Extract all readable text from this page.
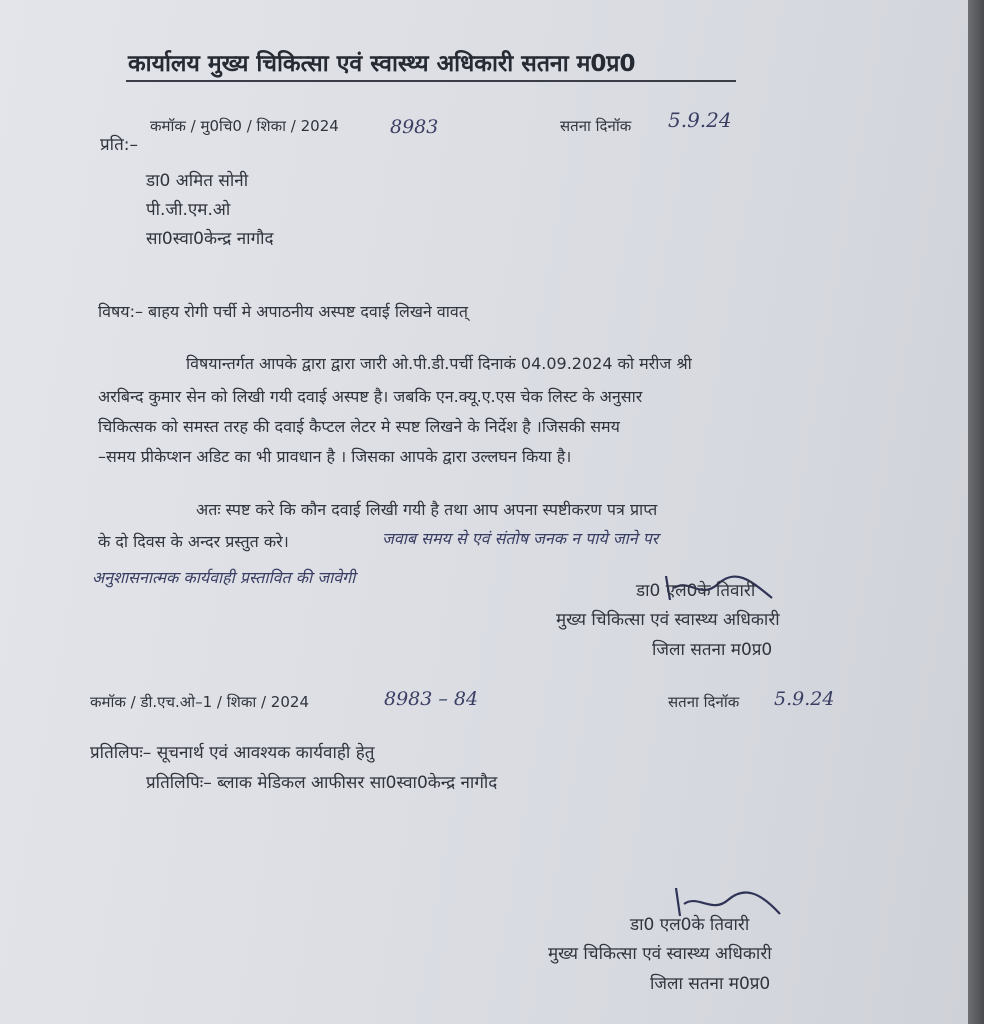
कार्यालय मुख्य चिकित्सा एवं स्वास्थ्य अधिकारी सतना म0प्र0
कमॉक / मु0चि0 / शिका / 2024	8983	सतना दिनॉक 5.9.24
प्रति:–
डा0 अमित सोनी
पी.जी.एम.ओ
सा0स्वा0केन्द्र नागौद
विषय:– बाहय रोगी पर्ची मे अपाठनीय अस्पष्ट दवाई लिखने वावत्
विषयान्तर्गत आपके द्वारा द्वारा जारी ओ.पी.डी.पर्ची दिनाकं 04.09.2024 को मरीज श्री
अरबिन्द कुमार सेन को लिखी गयी दवाई अस्पष्ट है। जबकि एन.क्यू.ए.एस चेक लिस्ट के अनुसार
चिकित्सक को समस्त तरह की दवाई कैप्टल लेटर मे स्पष्ट लिखने के निर्देश है ।जिसकी समय
–समय प्रीकेप्शन अडिट का भी प्रावधान है । जिसका आपके द्वारा उल्लघन किया है।
अतः स्पष्ट करे कि कौन दवाई लिखी गयी है तथा आप अपना स्पष्टीकरण पत्र प्राप्त
के दो दिवस के अन्दर प्रस्तुत करे।	जवाब समय से एवं संतोष जनक न पाये जाने पर
अनुशासनात्मक कार्यवाही प्रस्तावित की जावेगी
डा0 एल0के तिवारी
मुख्य चिकित्सा एवं स्वास्थ्य अधिकारी
जिला सतना म0प्र0
कमॉक / डी.एच.ओ–1 / शिका / 2024	8983 – 84	सतना दिनॉक 5.9.24
प्रतिलिपः– सूचनार्थ एवं आवश्यक कार्यवाही हेतु
प्रतिलिपिः– ब्लाक मेडिकल आफीसर सा0स्वा0केन्द्र नागौद
डा0 एल0के तिवारी
मुख्य चिकित्सा एवं स्वास्थ्य अधिकारी
जिला सतना म0प्र0
